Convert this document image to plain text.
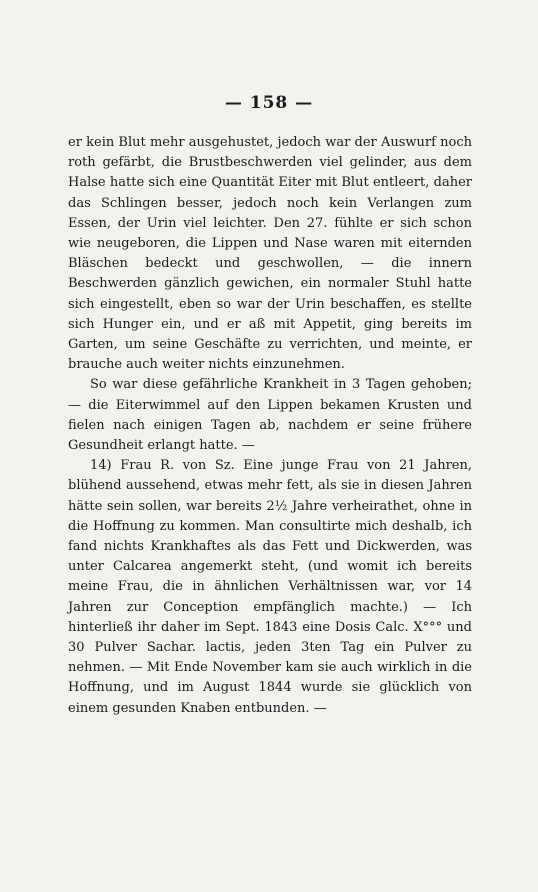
— 158 —

er kein Blut mehr ausgehustet, jedoch war der Auswurf noch roth gefärbt, die Brustbeschwerden viel gelinder, aus dem Halse hatte sich eine Quantität Eiter mit Blut entleert, daher das Schlingen besser, jedoch noch kein Verlangen zum Essen, der Urin viel leichter. Den 27. fühlte er sich schon wie neugeboren, die Lippen und Nase waren mit eiternden Bläschen bedeckt und geschwollen, — die innern Beschwerden gänzlich gewichen, ein normaler Stuhl hatte sich eingestellt, eben so war der Urin beschaffen, es stellte sich Hunger ein, und er aß mit Appetit, ging bereits im Garten, um seine Geschäfte zu verrichten, und meinte, er brauche auch weiter nichts einzunehmen.

So war diese gefährliche Krankheit in 3 Tagen gehoben; — die Eiterwimmel auf den Lippen bekamen Krusten und fielen nach einigen Tagen ab, nachdem er seine frühere Gesundheit erlangt hatte. —

14) Frau R. von Sz. Eine junge Frau von 21 Jahren, blühend aussehend, etwas mehr fett, als sie in diesen Jahren hätte sein sollen, war bereits 2½ Jahre verheirathet, ohne in die Hoffnung zu kommen. Man consultirte mich deshalb, ich fand nichts Krankhaftes als das Fett und Dickwerden, was unter Calcarea angemerkt steht, (und womit ich bereits meine Frau, die in ähnlichen Verhältnissen war, vor 14 Jahren zur Conception empfänglich machte.) — Ich hinterließ ihr daher im Sept. 1843 eine Dosis Calc. X°°° und 30 Pulver Sachar. lactis, jeden 3ten Tag ein Pulver zu nehmen. — Mit Ende November kam sie auch wirklich in die Hoffnung, und im August 1844 wurde sie glücklich von einem gesunden Knaben entbunden. —
